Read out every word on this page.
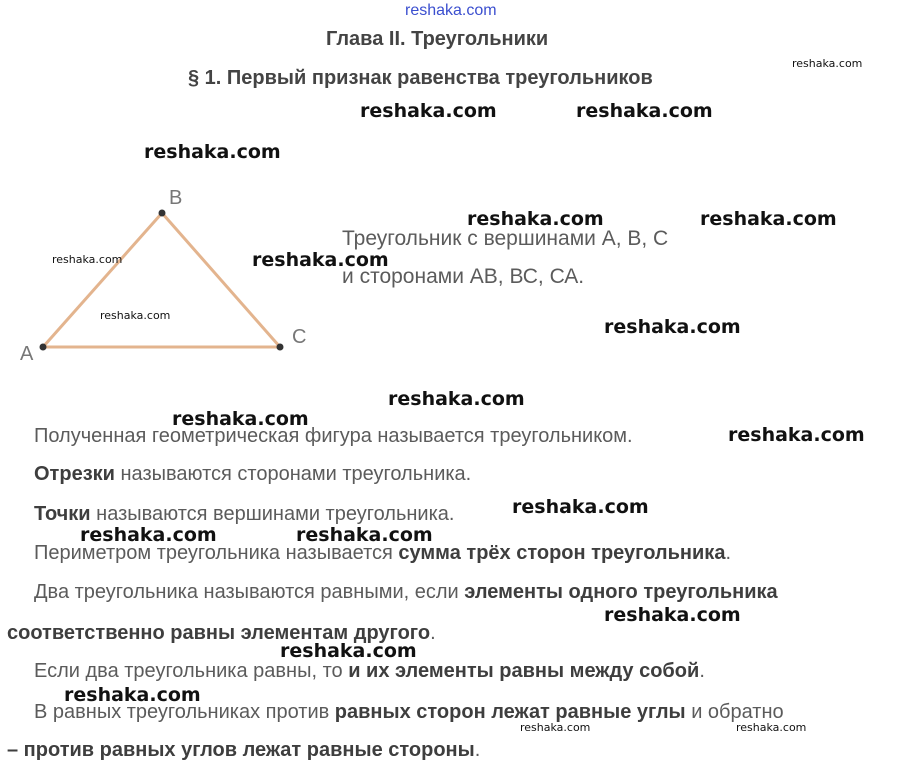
reshaka.com
Глава II. Треугольники
§ 1. Первый признак равенства треугольников
A
B
C
Треугольник с вершинами А, В, С
и сторонами АВ, ВС, СА.
Полученная геометрическая фигура называется треугольником.
Отрезки называются сторонами треугольника.
Точки называются вершинами треугольника.
Периметром треугольника называется сумма трёх сторон треугольника.
Два треугольника называются равными, если элементы одного треугольника
соответственно равны элементам другого.
Если два треугольника равны, то и их элементы равны между собой.
В равных треугольниках против равных сторон лежат равные углы и обратно
– против равных углов лежат равные стороны.
reshaka.com
reshaka.com	reshaka.com
reshaka.com
reshaka.com	reshaka.com
reshaka.com
reshaka.com
reshaka.com
reshaka.com
reshaka.com
reshaka.com
reshaka.com
reshaka.com
reshaka.com	reshaka.com
reshaka.com
reshaka.com
reshaka.com
reshaka.com	reshaka.com
